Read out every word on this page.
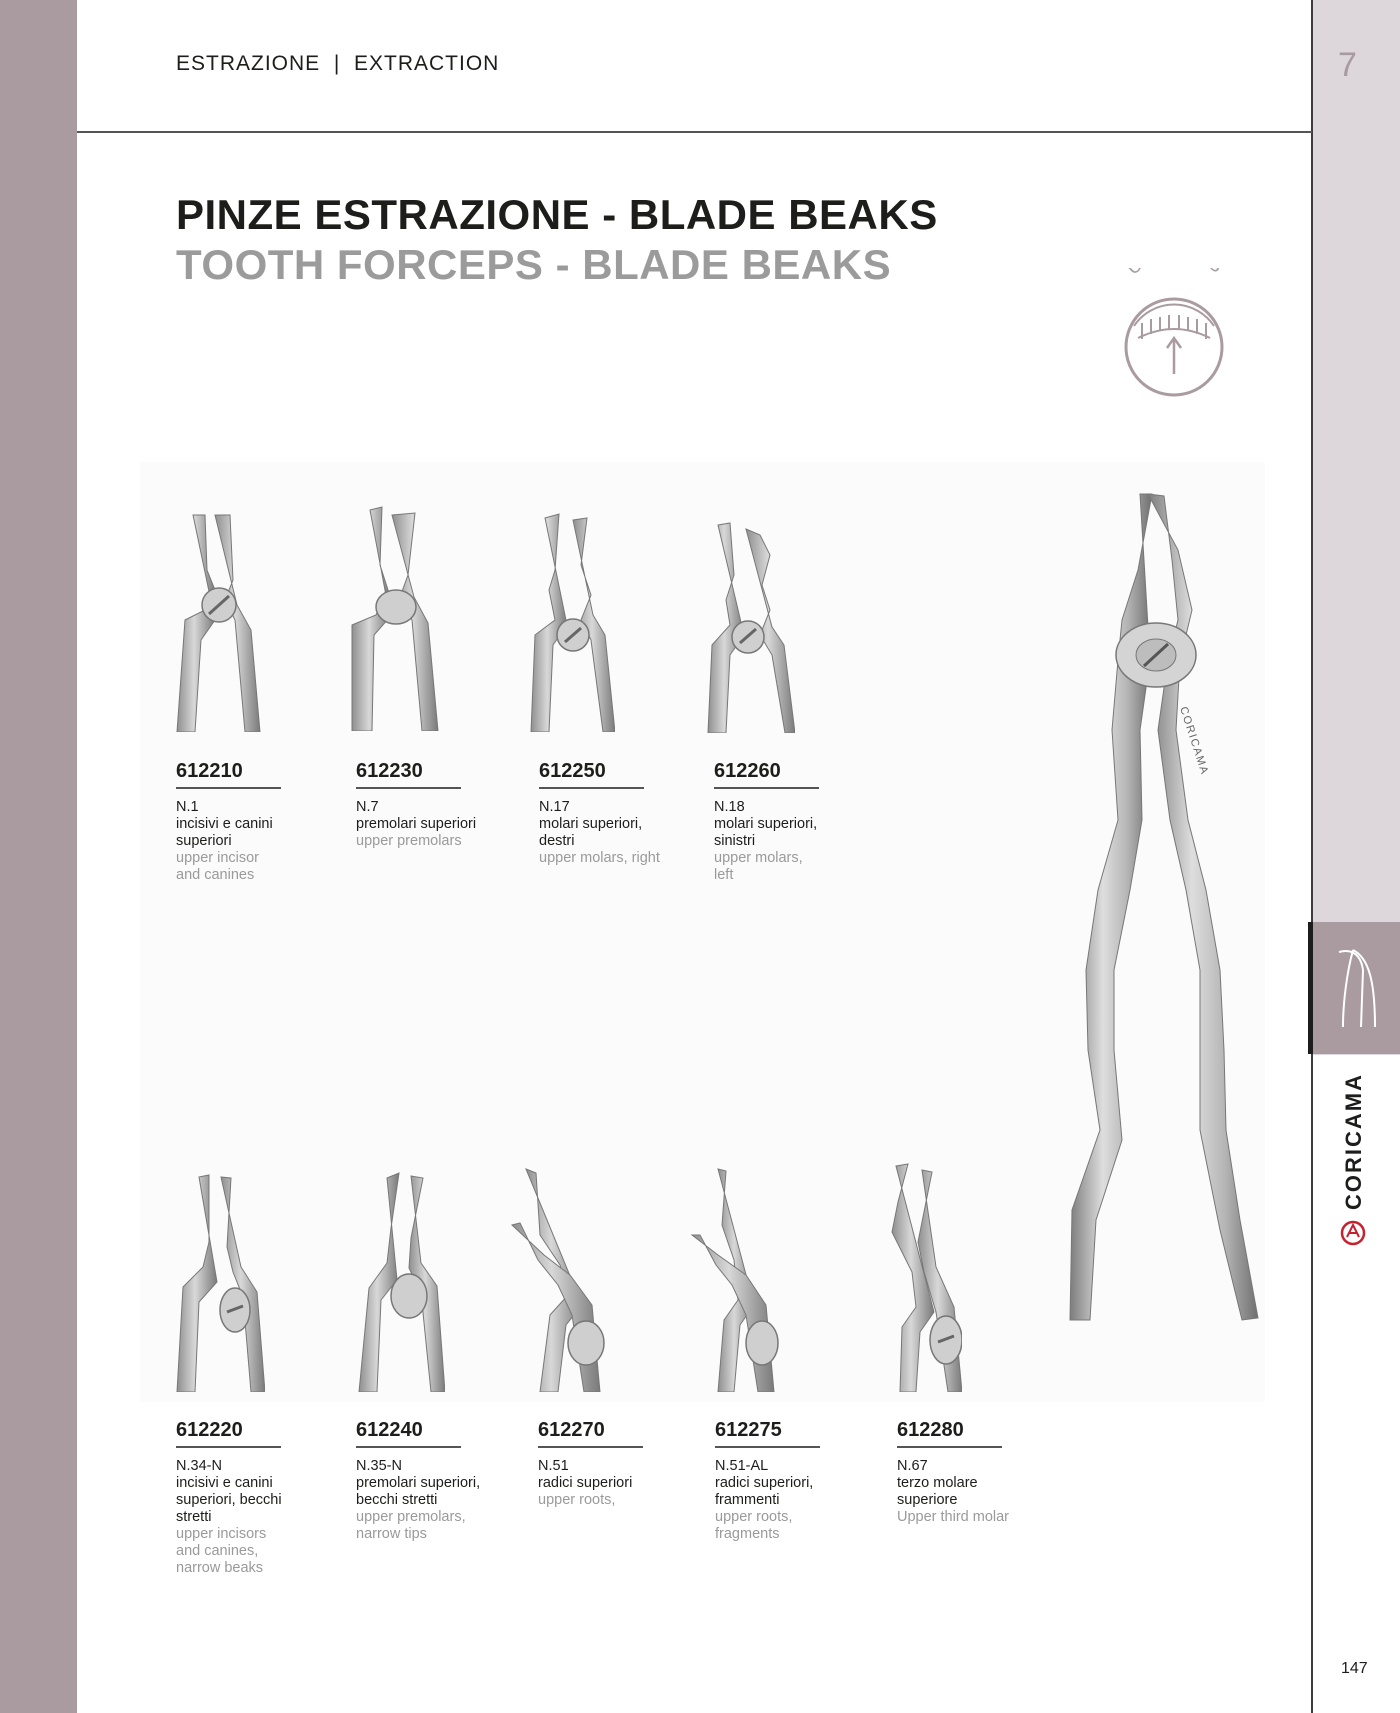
ESTRAZIONE  |  EXTRACTION	7
PINZE ESTRAZIONE - BLADE BEAKS
TOOTH FORCEPS - BLADE BEAKS
CORICAMA
612210
N.1
incisivi e canini superiori
upper incisor and canines
612230
N.7
premolari superiori
upper premolars
612250
N.17
molari superiori, destri
upper molars, right
612260
N.18
molari superiori, sinistri
upper molars, left
612220
N.34-N
incisivi e canini superiori, becchi stretti
upper incisors and canines, narrow beaks
612240
N.35-N
premolari superiori, becchi stretti
upper premolars, narrow tips
612270
N.51
radici superiori
upper roots,
612275
N.51-AL
radici superiori, frammenti
upper roots, fragments
612280
N.67
terzo molare superiore
Upper third molar
CORICAMA
147
